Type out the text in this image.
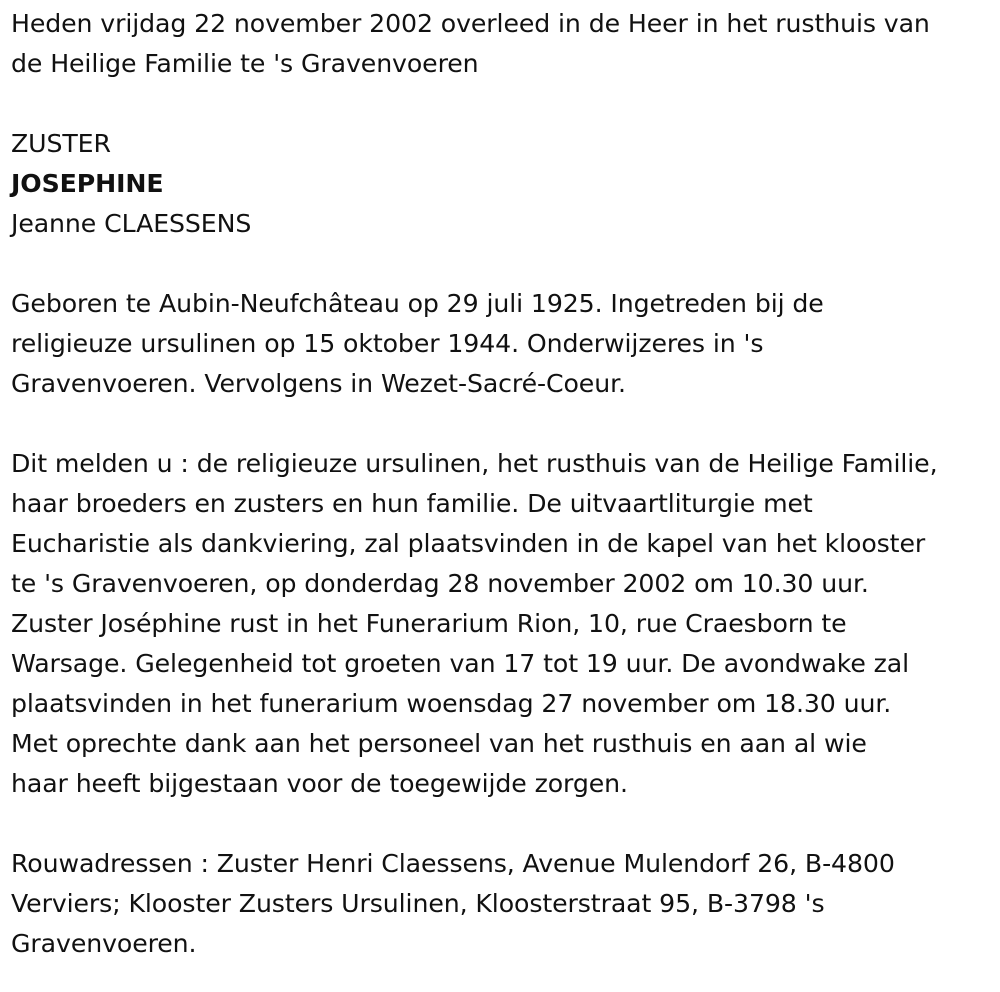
Heden vrijdag 22 november 2002 overleed in de Heer in het rusthuis van
de Heilige Familie te 's Gravenvoeren
ZUSTER
JOSEPHINE
Jeanne CLAESSENS
Geboren te Aubin-Neufchâteau op 29 juli 1925. Ingetreden bij de
religieuze ursulinen op 15 oktober 1944. Onderwijzeres in 's
Gravenvoeren. Vervolgens in Wezet-Sacré-Coeur.
Dit melden u : de religieuze ursulinen, het rusthuis van de Heilige Familie,
haar broeders en zusters en hun familie. De uitvaartliturgie met
Eucharistie als dankviering, zal plaatsvinden in de kapel van het klooster
te 's Gravenvoeren, op donderdag 28 november 2002 om 10.30 uur.
Zuster Joséphine rust in het Funerarium Rion, 10, rue Craesborn te
Warsage. Gelegenheid tot groeten van 17 tot 19 uur. De avondwake zal
plaatsvinden in het funerarium woensdag 27 november om 18.30 uur.
Met oprechte dank aan het personeel van het rusthuis en aan al wie
haar heeft bijgestaan voor de toegewijde zorgen.
Rouwadressen : Zuster Henri Claessens, Avenue Mulendorf 26, B-4800
Verviers; Klooster Zusters Ursulinen, Kloosterstraat 95, B-3798 's
Gravenvoeren.
